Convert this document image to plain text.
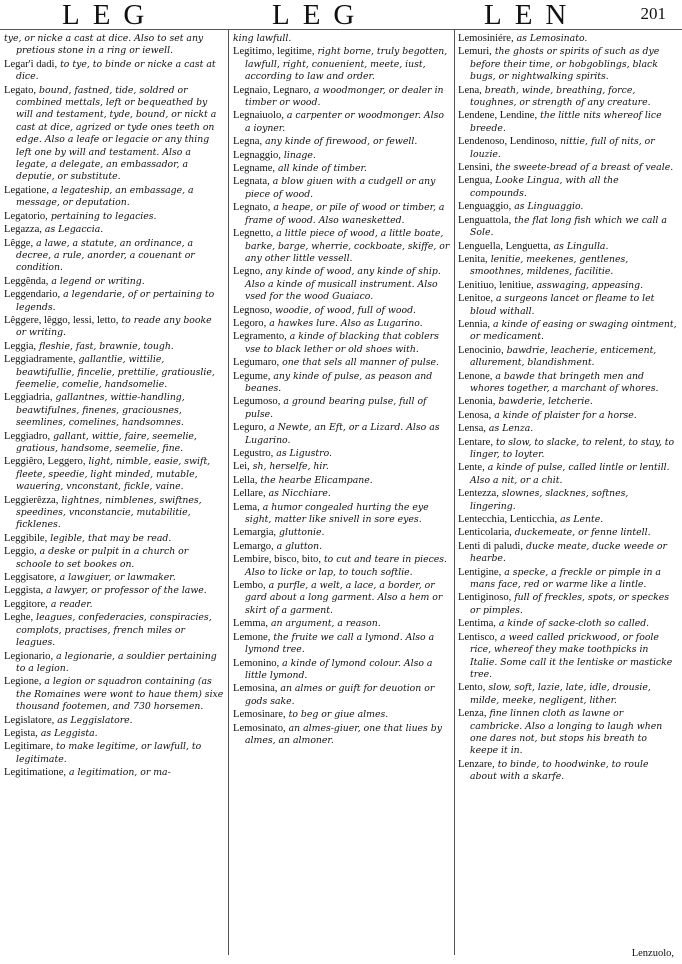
LEG	LEG	LEN	201

tye, or nicke a cast at dice. Also to set any pretious stone in a ring or iewell.

Legar'i dadi, to tye, to binde or nicke a cast at dice.

Legato, bound, fastned, tide, soldred or combined mettals, left or bequeathed by will and testament, tyde, bound, or nickt a cast at dice, agrized or tyde ones teeth on edge. Also a leafe or legacie or any thing left one by will and testament. Also a legate, a delegate, an embassador, a deputie, or substitute.

Legatione, a legateship, an embassage, a message, or deputation.

Legatorio, pertaining to legacies.

Legazza, as Legaccia.

Lêgge, a lawe, a statute, an ordinance, a decree, a rule, anorder, a couenant or condition.

Leggênda, a legend or writing.

Leggendario, a legendarie, of or pertaining to legends.

Lêggere, lêggo, lessi, letto, to reade any booke or writing.

Leggia, fleshie, fast, brawnie, tough.

Leggiadramente, gallantlie, wittilie, beawtifullie, fincelie, prettilie, gratiouslie, feemelie, comelie, handsomelie.

Leggiadria, gallantnes, wittie-handling, beawtifulnes, finenes, graciousnes, seemlines, comelines, handsomnes.

Leggiadro, gallant, wittie, faire, seemelie, gratious, handsome, seemelie, fine.

Leggiêro, Leggero, light, nimble, easie, swift, fleete, speedie, light minded, mutable, wauering, vnconstant, fickle, vaine.

Leggierêzza, lightnes, nimblenes, swiftnes, speedines, vnconstancie, mutabilitie, ficklenes.

Leggibile, legible, that may be read.

Leggio, a deske or pulpit in a church or schoole to set bookes on.

Leggisatore, a lawgiuer, or lawmaker.

Leggista, a lawyer, or professor of the lawe.

Leggitore, a reader.

Leghe, leagues, confederacies, conspiracies, complots, practises, french miles or leagues.

Legionario, a legionarie, a souldier pertaining to a legion.

Legione, a legion or squadron containing (as the Romaines were wont to haue them) sixe thousand footemen, and 730 horsemen.

Legislatore, as Leggislatore.

Legista, as Leggista.

Legitimare, to make legitime, or lawfull, to legitimate.

Legitimatione, a legitimation, or ma-

king lawfull.

Legitimo, legitime, right borne, truly begotten, lawfull, right, conuenient, meete, iust, according to law and order.

Legnaio, Legnaro, a woodmonger, or dealer in timber or wood.

Legnaiuolo, a carpenter or woodmonger. Also a ioyner.

Legna, any kinde of firewood, or fewell.

Legnaggio, linage.

Legname, all kinde of timber.

Legnata, a blow giuen with a cudgell or any piece of wood.

Legnato, a heape, or pile of wood or timber, a frame of wood. Also wanesketted.

Legnetto, a little piece of wood, a little boate, barke, barge, wherrie, cockboate, skiffe, or any other little vessell.

Legno, any kinde of wood, any kinde of ship. Also a kinde of musicall instrument. Also vsed for the wood Guaiaco.

Legnoso, woodie, of wood, full of wood.

Legoro, a hawkes lure. Also as Lugarino.

Legramento, a kinde of blacking that coblers vse to black lether or old shoes with.

Legumaro, one that sels all manner of pulse.

Legume, any kinde of pulse, as peason and beanes.

Legumoso, a ground bearing pulse, full of pulse.

Leguro, a Newte, an Eft, or a Lizard. Also as Lugarino.

Legustro, as Ligustro.

Lei, sh, herselfe, hir.

Lella, the hearbe Elicampane.

Lellare, as Nicchiare.

Lema, a humor congealed hurting the eye sight, matter like snivell in sore eyes.

Lemargia, gluttonie.

Lemargo, a glutton.

Lembire, bisco, bito, to cut and teare in pieces. Also to licke or lap, to touch softlie.

Lembo, a purfle, a welt, a lace, a border, or gard about a long garment. Also a hem or skirt of a garment.

Lemma, an argument, a reason.

Lemone, the fruite we call a lymond. Also a lymond tree.

Lemonino, a kinde of lymond colour. Also a little lymond.

Lemosina, an almes or guift for deuotion or gods sake.

Lemosinare, to beg or giue almes.

Lemosinato, an almes-giuer, one that liues by almes, an almoner.

Lemosiniére, as Lemosinato.

Lemuri, the ghosts or spirits of such as dye before their time, or hobgoblings, black bugs, or nightwalking spirits.

Lena, breath, winde, breathing, force, toughnes, or strength of any creature.

Lendene, Lendine, the little nits whereof lice breede.

Lendenoso, Lendinoso, nittie, full of nits, or louzie.

Lensini, the sweete-bread of a breast of veale.

Lengua, Looke Lingua, with all the compounds.

Lenguaggio, as Linguaggio.

Lenguattola, the flat long fish which we call a Sole.

Lenguella, Lenguetta, as Lingulla.

Lenita, lenitie, meekenes, gentlenes, smoothnes, mildenes, facilitie.

Lenitiuo, lenitiue, asswaging, appeasing.

Lenitoe, a surgeons lancet or fleame to let bloud withall.

Lennia, a kinde of easing or swaging ointment, or medicament.

Lenocinio, bawdrie, leacherie, enticement, allurement, blandishment.

Lenone, a bawde that bringeth men and whores together, a marchant of whores.

Lenonia, bawderie, letcherie.

Lenosa, a kinde of plaister for a horse.

Lensa, as Lenza.

Lentare, to slow, to slacke, to relent, to stay, to linger, to loyter.

Lente, a kinde of pulse, called lintle or lentill. Also a nit, or a chit.

Lentezza, slownes, slacknes, softnes, lingering.

Lentecchia, Lenticchia, as Lente.

Lenticolaria, duckemeate, or fenne lintell.

Lenti di paludi, ducke meate, ducke weede or hearbe.

Lentigine, a specke, a freckle or pimple in a mans face, red or warme like a lintle.

Lentiginoso, full of freckles, spots, or speckes or pimples.

Lentima, a kinde of sacke-cloth so called.

Lentisco, a weed called prickwood, or foole rice, whereof they make toothpicks in Italie. Some call it the lentiske or masticke tree.

Lento, slow, soft, lazie, late, idle, drousie, milde, meeke, negligent, lither.

Lenza, fine linnen cloth as lawne or cambricke. Also a longing to laugh when one dares not, but stops his breath to keepe it in.

Lenzare, to binde, to hoodwinke, to roule about with a skarfe.

Lenzuolo,
